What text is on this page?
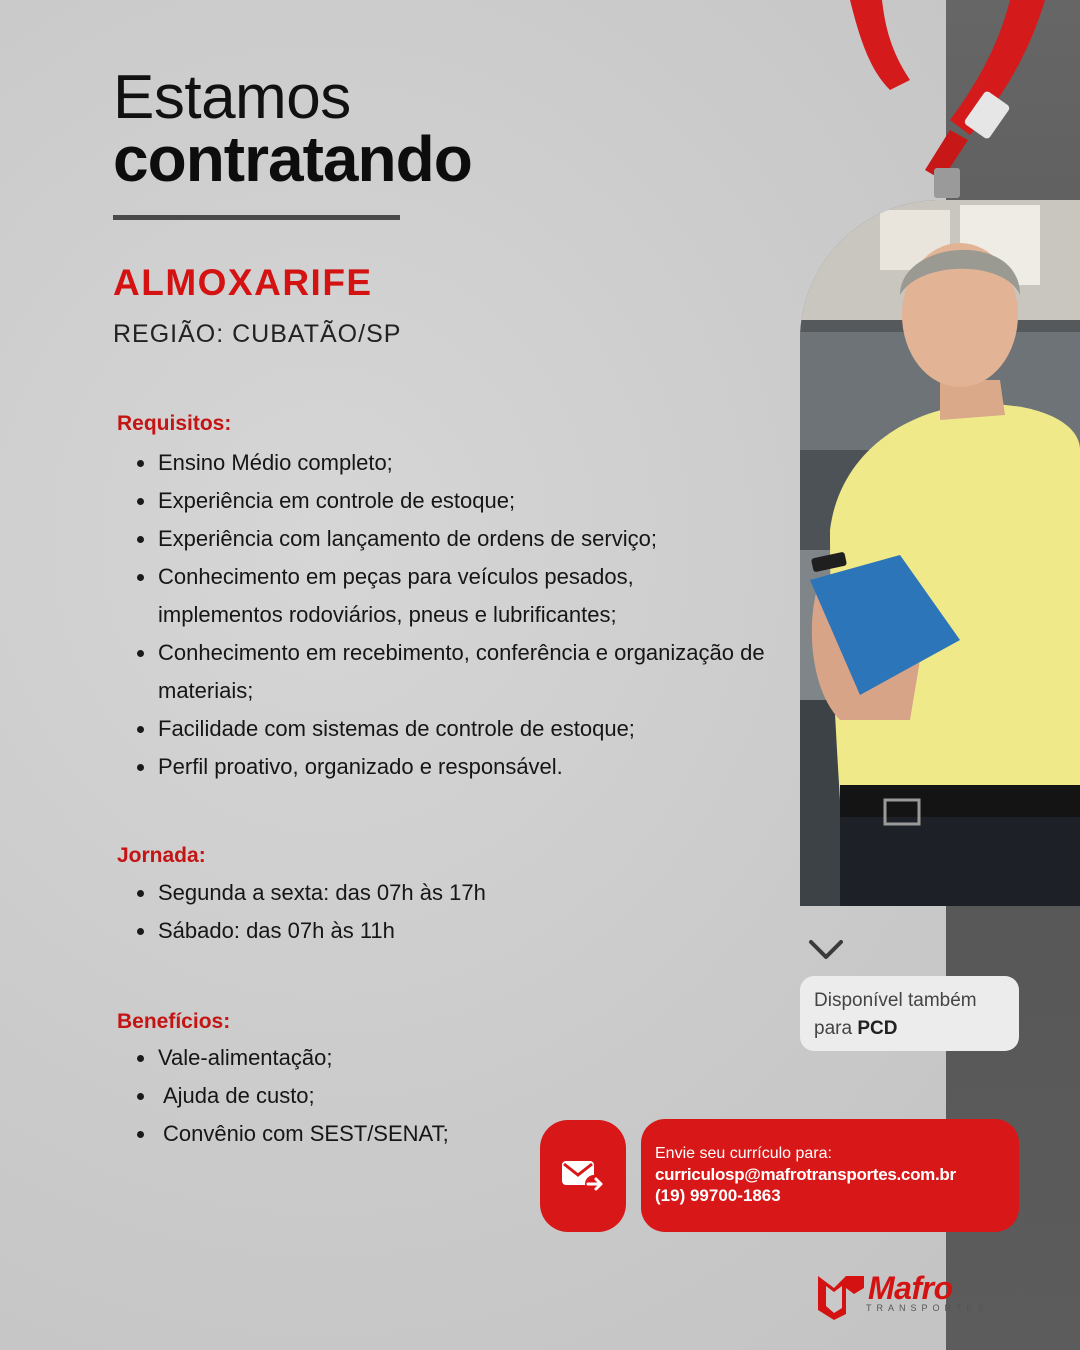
Estamos
contratando
ALMOXARIFE
REGIÃO: CUBATÃO/SP
Requisitos:
Ensino Médio completo;
Experiência em controle de estoque;
Experiência com lançamento de ordens de serviço;
Conhecimento em peças para veículos pesados, implementos rodoviários, pneus e lubrificantes;
Conhecimento em recebimento, conferência e organização de materiais;
Facilidade com sistemas de controle de estoque;
Perfil proativo, organizado e responsável.
Jornada:
Segunda a sexta: das 07h às 17h
Sábado: das 07h às 11h
Benefícios:
Vale-alimentação;
Ajuda de custo;
Convênio com SEST/SENAT;
Disponível também
para PCD
Envie seu currículo para:
curriculosp@mafrotransportes.com.br
(19) 99700-1863
Mafro
TRANSPORTES
